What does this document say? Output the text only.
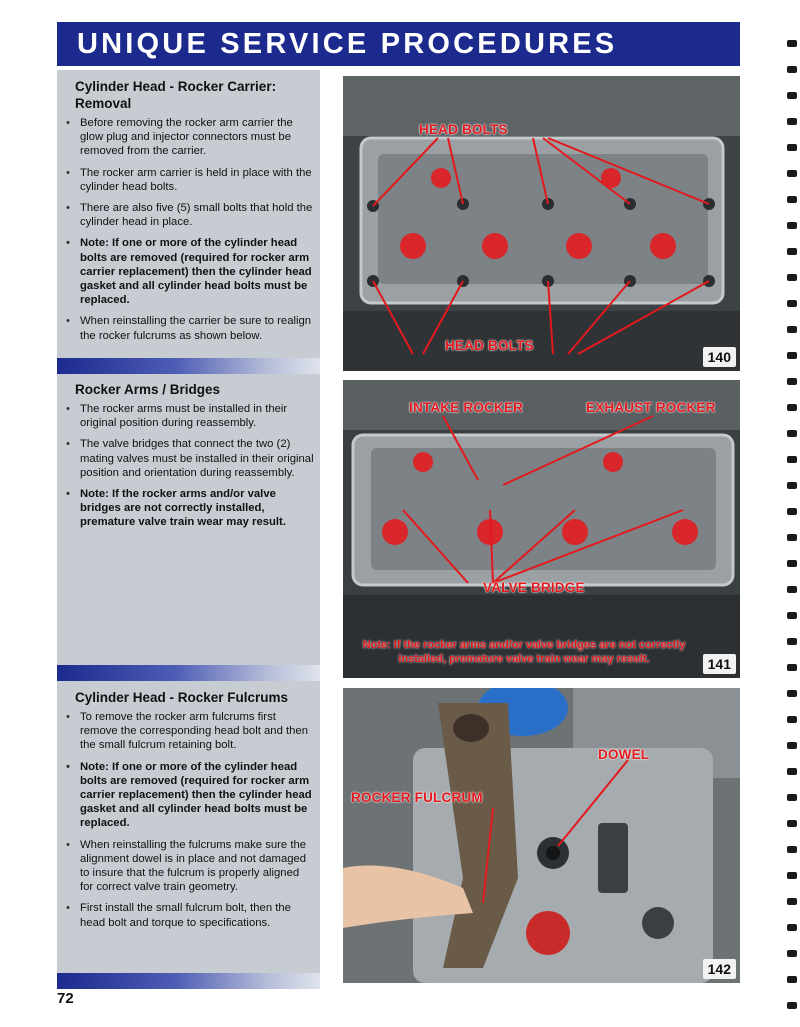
UNIQUE SERVICE PROCEDURES
Cylinder Head - Rocker Carrier: Removal
• Before removing the rocker arm carrier the glow plug and injector connectors must be removed from the carrier.
• The rocker arm carrier is held in place with the cylinder head bolts.
• There are also five (5) small bolts that hold the cylinder head in place.
• Note: If one or more of the cylinder head bolts are removed (required for rocker arm carrier replacement) then the cylinder head gasket and all cylinder head bolts must be replaced.
• When reinstalling the carrier be sure to realign the rocker fulcrums as shown below.
Rocker Arms / Bridges
• The rocker arms must be installed in their original position during reassembly.
• The valve bridges that connect the two (2) mating valves must be installed in their original position and orientation during reassembly.
• Note: If the rocker arms and/or valve bridges are not correctly installed, premature valve train wear may result.
Cylinder Head - Rocker Fulcrums
• To remove the rocker arm fulcrums first remove the corresponding head bolt and then the small fulcrum retaining bolt.
• Note: If one or more of the cylinder head bolts are removed (required for rocker arm carrier replacement) then the cylinder head gasket and all cylinder head bolts must be replaced.
• When reinstalling the fulcrums make sure the alignment dowel is in place and not damaged to insure that the fulcrum is properly aligned for correct valve train geometry.
• First install the small fulcrum bolt, then the head bolt and torque to specifications.
HEAD BOLTS
HEAD BOLTS
140
INTAKE ROCKER	EXHAUST ROCKER
VALVE BRIDGE
Note: If the rocker arms and/or valve bridges are not correctly installed, premature valve train wear may result.	141
DOWEL
ROCKER FULCRUM
142
72
